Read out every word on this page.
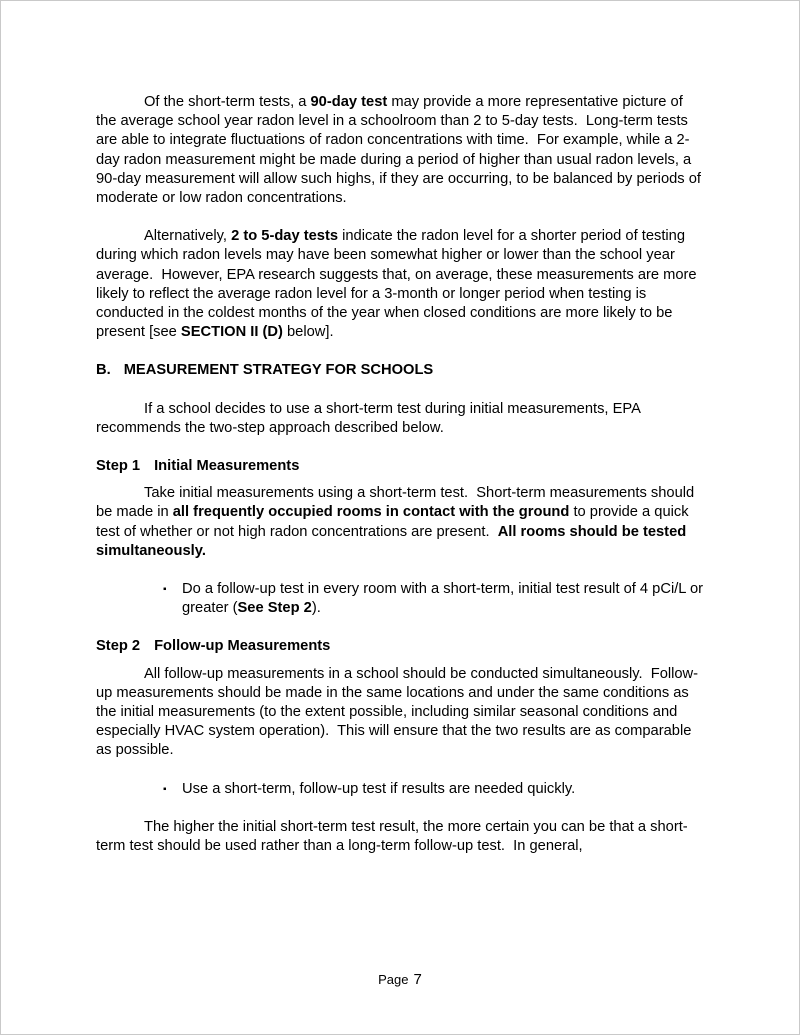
Of the short-term tests, a 90-day test may provide a more representative picture of the average school year radon level in a schoolroom than 2 to 5-day tests.  Long-term tests are able to integrate fluctuations of radon concentrations with time.  For example, while a 2-day radon measurement might be made during a period of higher than usual radon levels, a 90-day measurement will allow such highs, if they are occurring, to be balanced by periods of moderate or low radon concentrations.

Alternatively, 2 to 5-day tests indicate the radon level for a shorter period of testing during which radon levels may have been somewhat higher or lower than the school year average.  However, EPA research suggests that, on average, these measurements are more likely to reflect the average radon level for a 3-month or longer period when testing is conducted in the coldest months of the year when closed conditions are more likely to be present [see SECTION II (D) below].

B. MEASUREMENT STRATEGY FOR SCHOOLS

If a school decides to use a short-term test during initial measurements, EPA recommends the two-step approach described below.

Step 1 Initial Measurements

Take initial measurements using a short-term test.  Short-term measurements should be made in all frequently occupied rooms in contact with the ground to provide a quick test of whether or not high radon concentrations are present.  All rooms should be tested simultaneously.

▪	Do a follow-up test in every room with a short-term, initial test result of 4 pCi/L or greater (See Step 2).
Step 2 Follow-up Measurements

All follow-up measurements in a school should be conducted simultaneously.  Follow-up measurements should be made in the same locations and under the same conditions as the initial measurements (to the extent possible, including similar seasonal conditions and especially HVAC system operation).  This will ensure that the two results are as comparable as possible.

▪	Use a short-term, follow-up test if results are needed quickly.

The higher the initial short-term test result, the more certain you can be that a short-term test should be used rather than a long-term follow-up test.  In general,

Page 7
